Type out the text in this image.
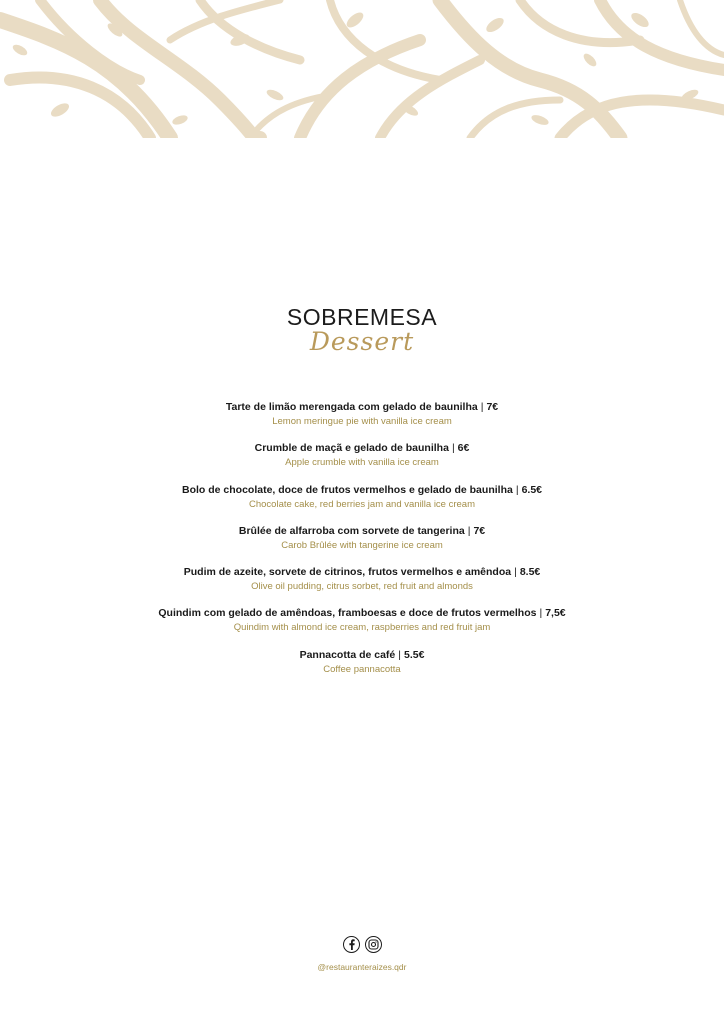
SOBREMESA
Dessert
Tarte de limão merengada com gelado de baunilha | 7€
Lemon meringue pie with vanilla ice cream
Crumble de maçã e gelado de baunilha | 6€
Apple crumble with vanilla ice cream
Bolo de chocolate, doce de frutos vermelhos e gelado de baunilha | 6.5€
Chocolate cake, red berries jam and vanilla ice cream
Brûlée de alfarroba com sorvete de tangerina | 7€
Carob Brûlée with tangerine ice cream
Pudim de azeite, sorvete de citrinos, frutos vermelhos e amêndoa | 8.5€
Olive oil pudding, citrus sorbet, red fruit and almonds
Quindim com gelado de amêndoas, framboesas e doce de frutos vermelhos | 7,5€
Quindim with almond ice cream, raspberries and red fruit jam
Pannacotta de café | 5.5€
Coffee pannacotta
@restauranteraizes.qdr
